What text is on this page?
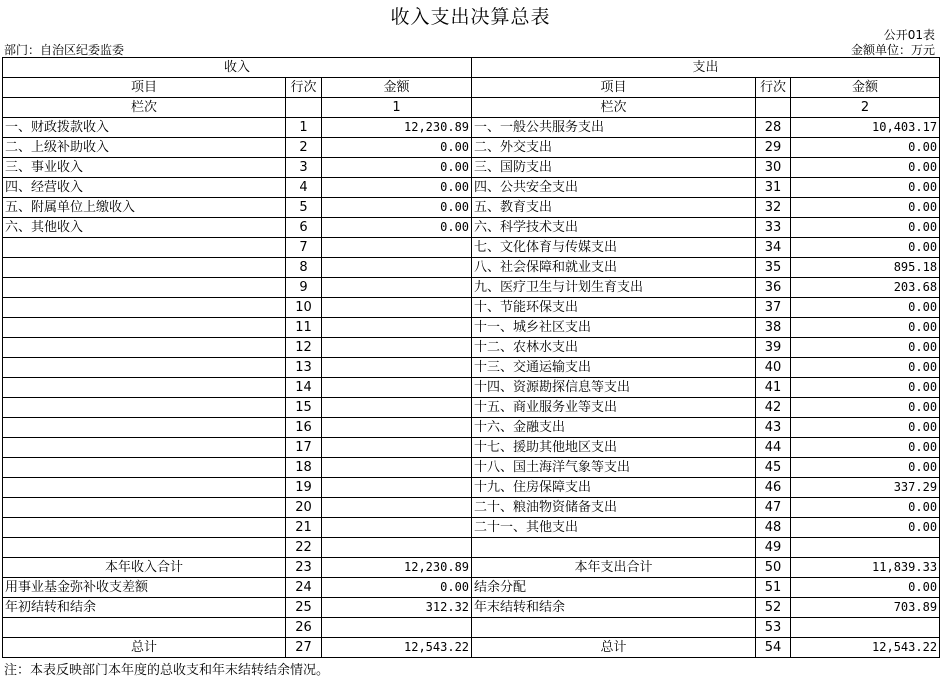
收入支出决算总表
公开01表
部门：自治区纪委监委	金额单位：万元
收入			支出		
项目	行次	金额	项目	行次	金额
栏次		1	栏次		2
一、财政拨款收入	1	12,230.89	一、一般公共服务支出	28	10,403.17
二、上级补助收入	2	0.00	二、外交支出	29	0.00
三、事业收入	3	0.00	三、国防支出	30	0.00
四、经营收入	4	0.00	四、公共安全支出	31	0.00
五、附属单位上缴收入	5	0.00	五、教育支出	32	0.00
六、其他收入	6	0.00	六、科学技术支出	33	0.00
	7		七、文化体育与传媒支出	34	0.00
	8		八、社会保障和就业支出	35	895.18
	9		九、医疗卫生与计划生育支出	36	203.68
	10		十、节能环保支出	37	0.00
	11		十一、城乡社区支出	38	0.00
	12		十二、农林水支出	39	0.00
	13		十三、交通运输支出	40	0.00
	14		十四、资源勘探信息等支出	41	0.00
	15		十五、商业服务业等支出	42	0.00
	16		十六、金融支出	43	0.00
	17		十七、援助其他地区支出	44	0.00
	18		十八、国土海洋气象等支出	45	0.00
	19		十九、住房保障支出	46	337.29
	20		二十、粮油物资储备支出	47	0.00
	21		二十一、其他支出	48	0.00
	22			49	
本年收入合计	23	12,230.89	本年支出合计	50	11,839.33
用事业基金弥补收支差额	24	0.00	结余分配	51	0.00
年初结转和结余	25	312.32	年末结转和结余	52	703.89
	26			53	
总计	27	12,543.22	总计	54	12,543.22
注：本表反映部门本年度的总收支和年末结转结余情况。
